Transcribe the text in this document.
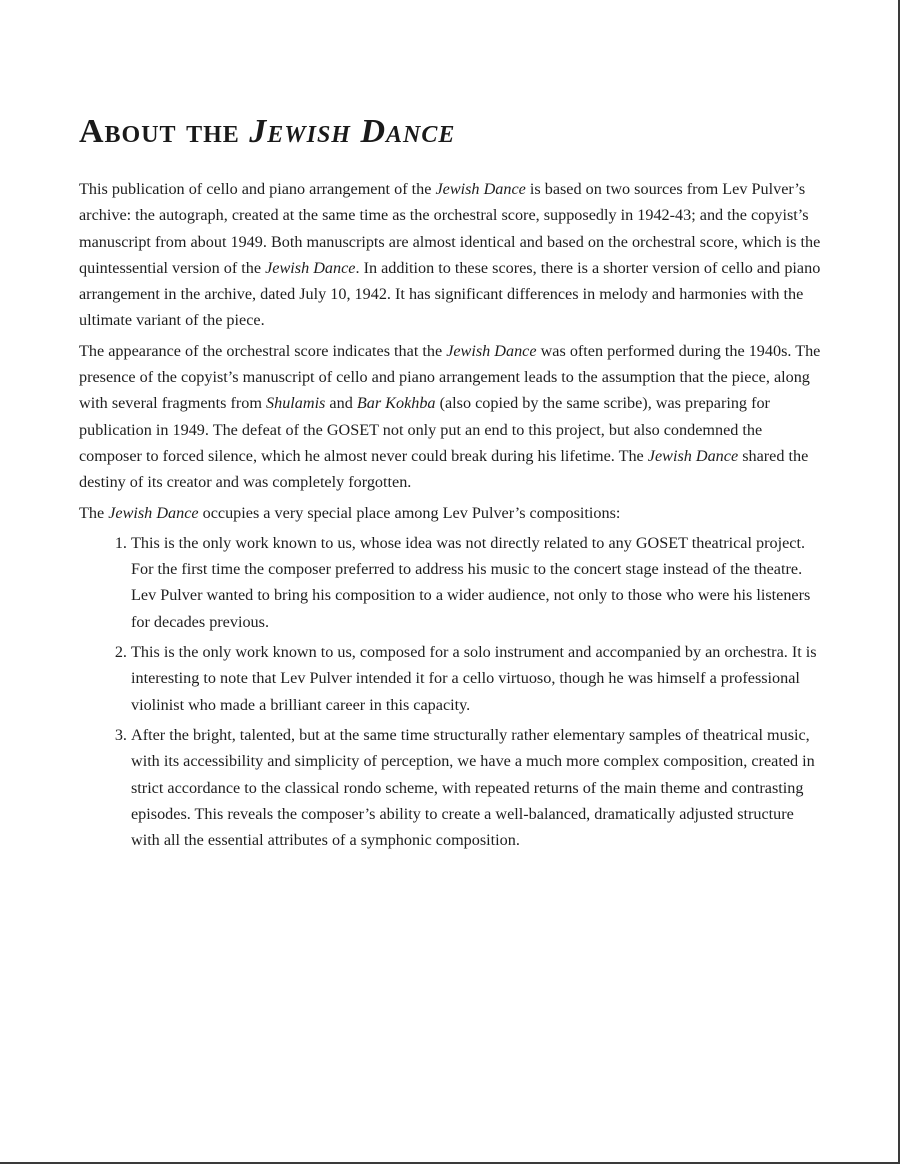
About the Jewish Dance

This publication of cello and piano arrangement of the Jewish Dance is based on two sources from Lev Pulver’s archive: the autograph, created at the same time as the orchestral score, supposedly in 1942-43; and the copyist’s manuscript from about 1949. Both manuscripts are almost identical and based on the orchestral score, which is the quintessential version of the Jewish Dance. In addition to these scores, there is a shorter version of cello and piano arrangement in the archive, dated July 10, 1942. It has significant differences in melody and harmonies with the ultimate variant of the piece.

The appearance of the orchestral score indicates that the Jewish Dance was often performed during the 1940s. The presence of the copyist’s manuscript of cello and piano arrangement leads to the assumption that the piece, along with several fragments from Shulamis and Bar Kokhba (also copied by the same scribe), was preparing for publication in 1949. The defeat of the GOSET not only put an end to this project, but also condemned the composer to forced silence, which he almost never could break during his lifetime. The Jewish Dance shared the destiny of its creator and was completely forgotten.

The Jewish Dance occupies a very special place among Lev Pulver’s compositions:

1. This is the only work known to us, whose idea was not directly related to any GOSET theatrical project. For the first time the composer preferred to address his music to the concert stage instead of the theatre. Lev Pulver wanted to bring his composition to a wider audience, not only to those who were his listeners for decades previous.
2. This is the only work known to us, composed for a solo instrument and accompanied by an orchestra. It is interesting to note that Lev Pulver intended it for a cello virtuoso, though he was himself a professional violinist who made a brilliant career in this capacity.
3. After the bright, talented, but at the same time structurally rather elementary samples of theatrical music, with its accessibility and simplicity of perception, we have a much more complex composition, created in strict accordance to the classical rondo scheme, with repeated returns of the main theme and contrasting episodes. This reveals the composer’s ability to create a well-balanced, dramatically adjusted structure with all the essential attributes of a symphonic composition.
